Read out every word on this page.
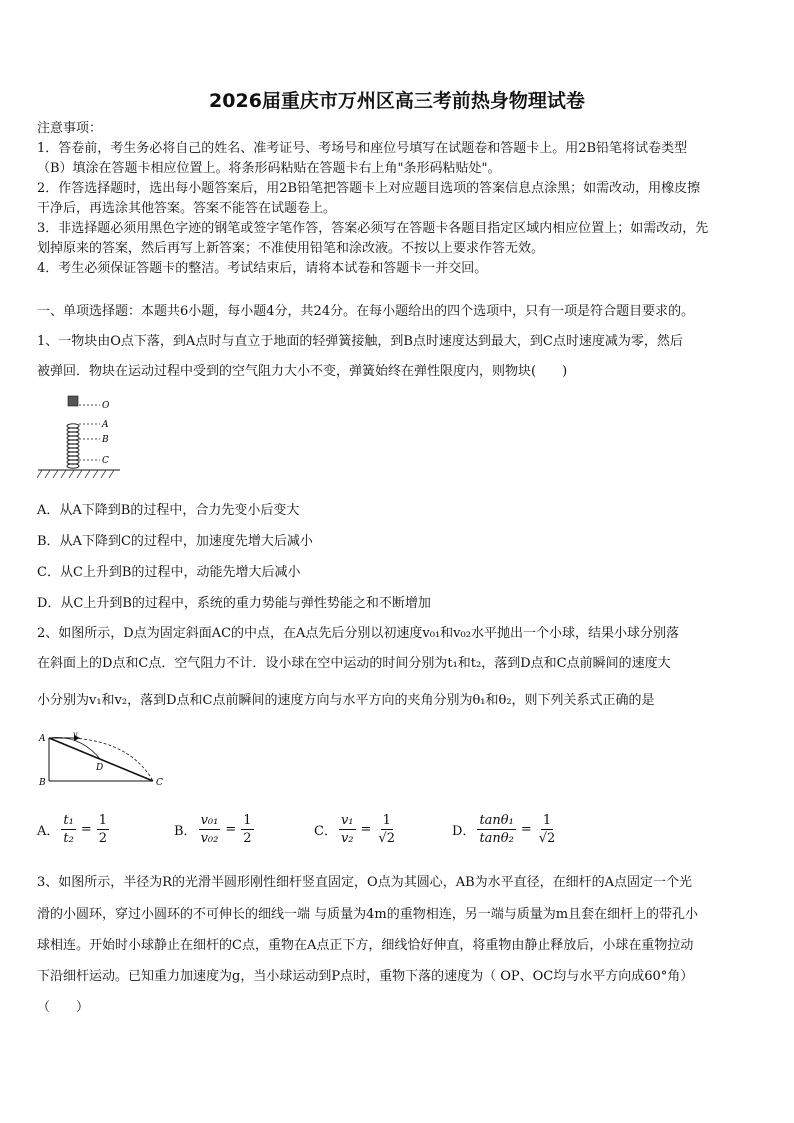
2026届重庆市万州区高三考前热身物理试卷
注意事项：
1．答卷前，考生务必将自己的姓名、准考证号、考场号和座位号填写在试题卷和答题卡上。用2B铅笔将试卷类型
（B）填涂在答题卡相应位置上。将条形码粘贴在答题卡右上角"条形码粘贴处"。
2．作答选择题时，选出每小题答案后，用2B铅笔把答题卡上对应题目选项的答案信息点涂黑；如需改动，用橡皮擦
干净后，再选涂其他答案。答案不能答在试题卷上。
3．非选择题必须用黑色字迹的钢笔或签字笔作答，答案必须写在答题卡各题目指定区域内相应位置上；如需改动，先
划掉原来的答案，然后再写上新答案；不准使用铅笔和涂改液。不按以上要求作答无效。
4．考生必须保证答题卡的整洁。考试结束后，请将本试卷和答题卡一并交回。
一、单项选择题：本题共6小题，每小题4分，共24分。在每小题给出的四个选项中，只有一项是符合题目要求的。
1、一物块由O点下落，到A点时与直立于地面的轻弹簧接触，到B点时速度达到最大，到C点时速度减为零，然后
被弹回．物块在运动过程中受到的空气阻力大小不变，弹簧始终在弹性限度内，则物块(　　)
O
A
B
C
A．从A下降到B的过程中，合力先变小后变大
B．从A下降到C的过程中，加速度先增大后减小
C．从C上升到B的过程中，动能先增大后减小
D．从C上升到B的过程中，系统的重力势能与弹性势能之和不断增加
2、如图所示，D点为固定斜面AC的中点，在A点先后分别以初速度v₀₁和v₀₂水平抛出一个小球，结果小球分别落
在斜面上的D点和C点．空气阻力不计．设小球在空中运动的时间分别为t₁和t₂，落到D点和C点前瞬间的速度大
小分别为v₁和v₂，落到D点和C点前瞬间的速度方向与水平方向的夹角分别为θ₁和θ₂，则下列关系式正确的是
A	v
D
B	C
A． $\frac{\text{t₁}}{\text{t₂}} = \frac{1}{2}$	B． $\frac{\text{v₀₁}}{\text{v₀₂}} = \frac{1}{2}$	C． $\frac{\text{v₁}}{\text{v₂}} = \frac{1}{√2}$	D． $\frac{\text{tanθ₁}}{\text{tanθ₂}} = \frac{1}{√2}$
3、如图所示，半径为R的光滑半圆形刚性细杆竖直固定，O点为其圆心，AB为水平直径，在细杆的A点固定一个光
滑的小圆环，穿过小圆环的不可伸长的细线一端 与质量为4m的重物相连，另一端与质量为m且套在细杆上的带孔小
球相连。开始时小球静止在细杆的C点，重物在A点正下方，细线恰好伸直，将重物由静止释放后，小球在重物拉动
下沿细杆运动。已知重力加速度为g，当小球运动到P点时，重物下落的速度为（ OP、OC均与水平方向成60°角）
（　　）
